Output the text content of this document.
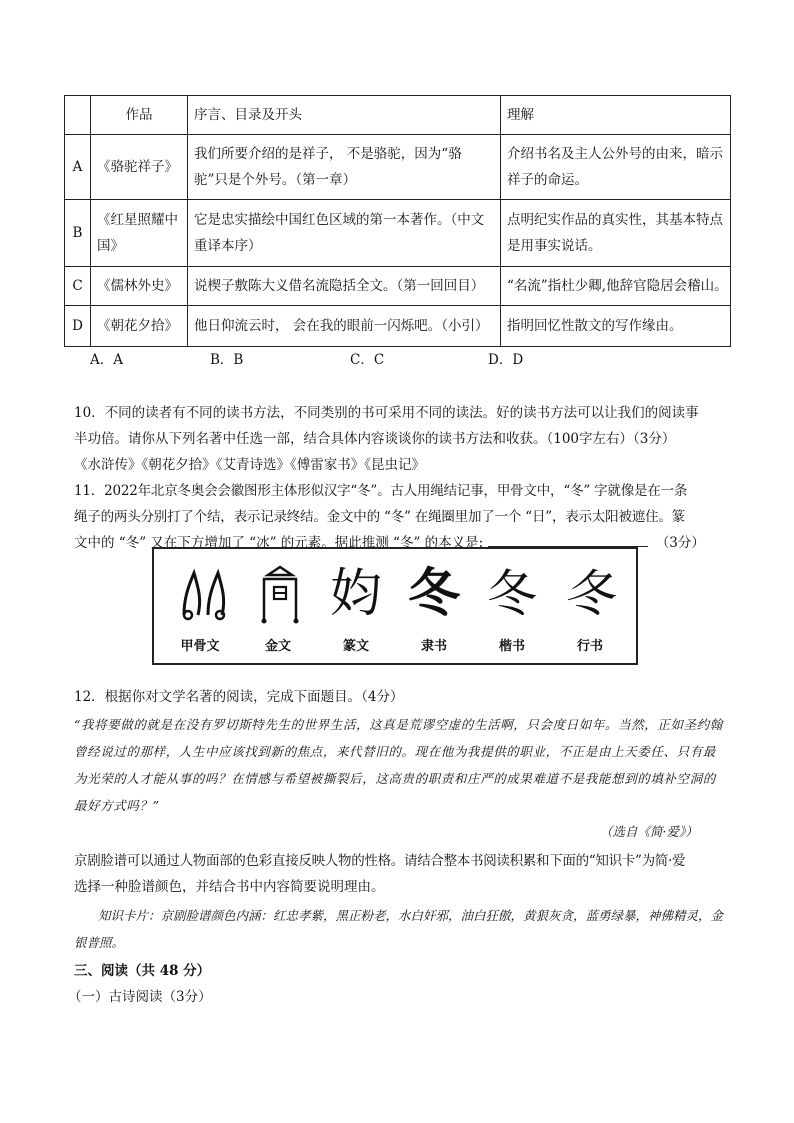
	作品	序言、目录及开头	理解
A	《骆驼祥子》	我们所要介绍的是祥子， 不是骆驼，因为“骆驼”只是个外号。（第一章）	介绍书名及主人公外号的由来，暗示祥子的命运。
B	《红星照耀中国》	它是忠实描绘中国红色区域的第一本著作。（中文重译本序）	点明纪实作品的真实性，其基本特点是用事实说话。
C	《儒林外史》	说楔子敷陈大义借名流隐括全文。（第一回回目）	“名流”指杜少卿,他辞官隐居会稽山。
D	《朝花夕拾》	他日仰流云时， 会在我的眼前一闪烁吧。（小引）	指明回忆性散文的写作缘由。
A．A	B．B	C．C	D．D
10．不同的读者有不同的读书方法，不同类别的书可采用不同的读法。好的读书方法可以让我们的阅读事
半功倍。请你从下列名著中任选一部，结合具体内容谈谈你的读书方法和收获。（100字左右）（3分）
《水浒传》《朝花夕拾》《艾青诗选》《傅雷家书》《昆虫记》
11．2022年北京冬奥会会徽图形主体形似汉字“冬”。古人用绳结记事，甲骨文中，“冬” 字就像是在一条
绳子的两头分别打了个结，表示记录终结。金文中的 “冬” 在绳圈里加了一个 “日”，表示太阳被遮住。篆
文中的 “冬” 又在下方增加了 “冰” 的元素。据此推测 “冬” 的本义是:	（3分）
㚬 冬 冬 冬
甲骨文	金文	篆文	隶书	楷书	行书
12．根据你对文学名著的阅读，完成下面题目。（4分）
“我将要做的就是在没有罗切斯特先生的世界生活，这真是荒谬空虚的生活啊，只会度日如年。当然，正如圣约翰曾经说过的那样，人生中应该找到新的焦点，来代替旧的。现在他为我提供的职业，不正是由上天委任、只有最为光荣的人才能从事的吗？在情感与希望被撕裂后，这高贵的职责和庄严的成果难道不是我能想到的填补空洞的最好方式吗？”
（选自《简·爱》）
京剧脸谱可以通过人物面部的色彩直接反映人物的性格。请结合整本书阅读积累和下面的“知识卡”为简·爱
选择一种脸谱颜色，并结合书中内容简要说明理由。
知识卡片：京剧脸谱颜色内涵：红忠孝紫，黑正粉老，水白奸邪，油白狂傲，黄狠灰贪，蓝勇绿暴，神佛精灵，金银普照。
三、阅读（共 48 分）
（一）古诗阅读（3分）
